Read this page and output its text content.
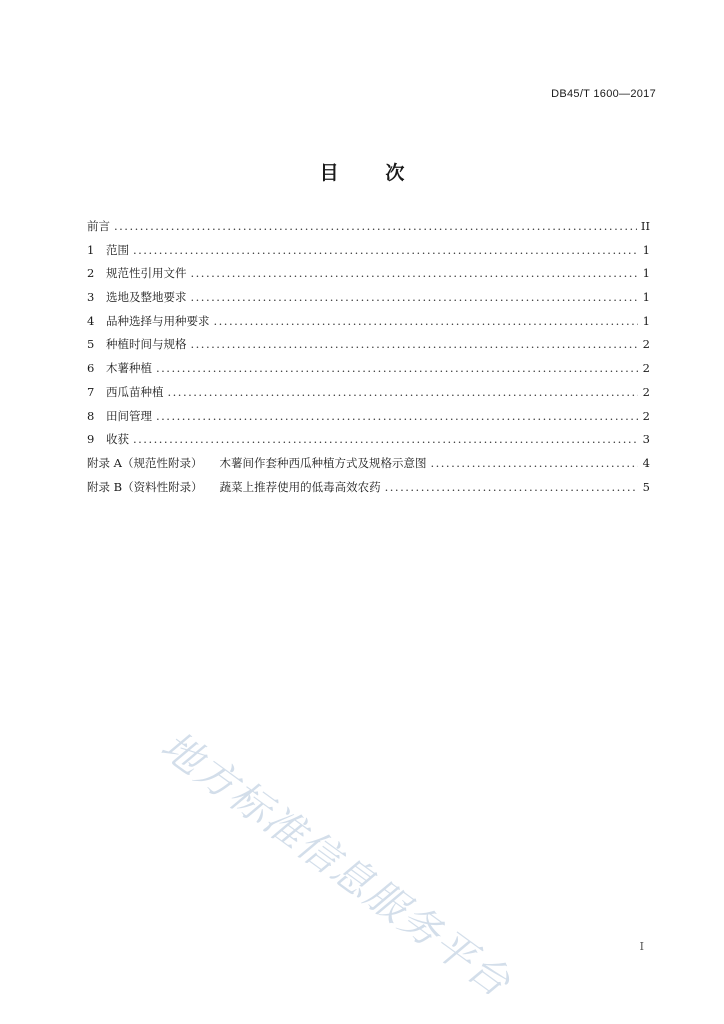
DB45/T 1600—2017
目 次
前言 .....	II
1	范围 .....	1
2	规范性引用文件 .....	1
3	选地及整地要求 .....	1
4	品种选择与用种要求 .....	1
5	种植时间与规格 .....	2
6	木薯种植 .....	2
7	西瓜苗种植 .....	2
8	田间管理 .....	2
9	收获 .....	3
附录 A（规范性附录） 木薯间作套种西瓜种植方式及规格示意图 .....	4
附录 B（资料性附录） 蔬菜上推荐使用的低毒高效农药 .....	5
地方标准信息服务平台	I
